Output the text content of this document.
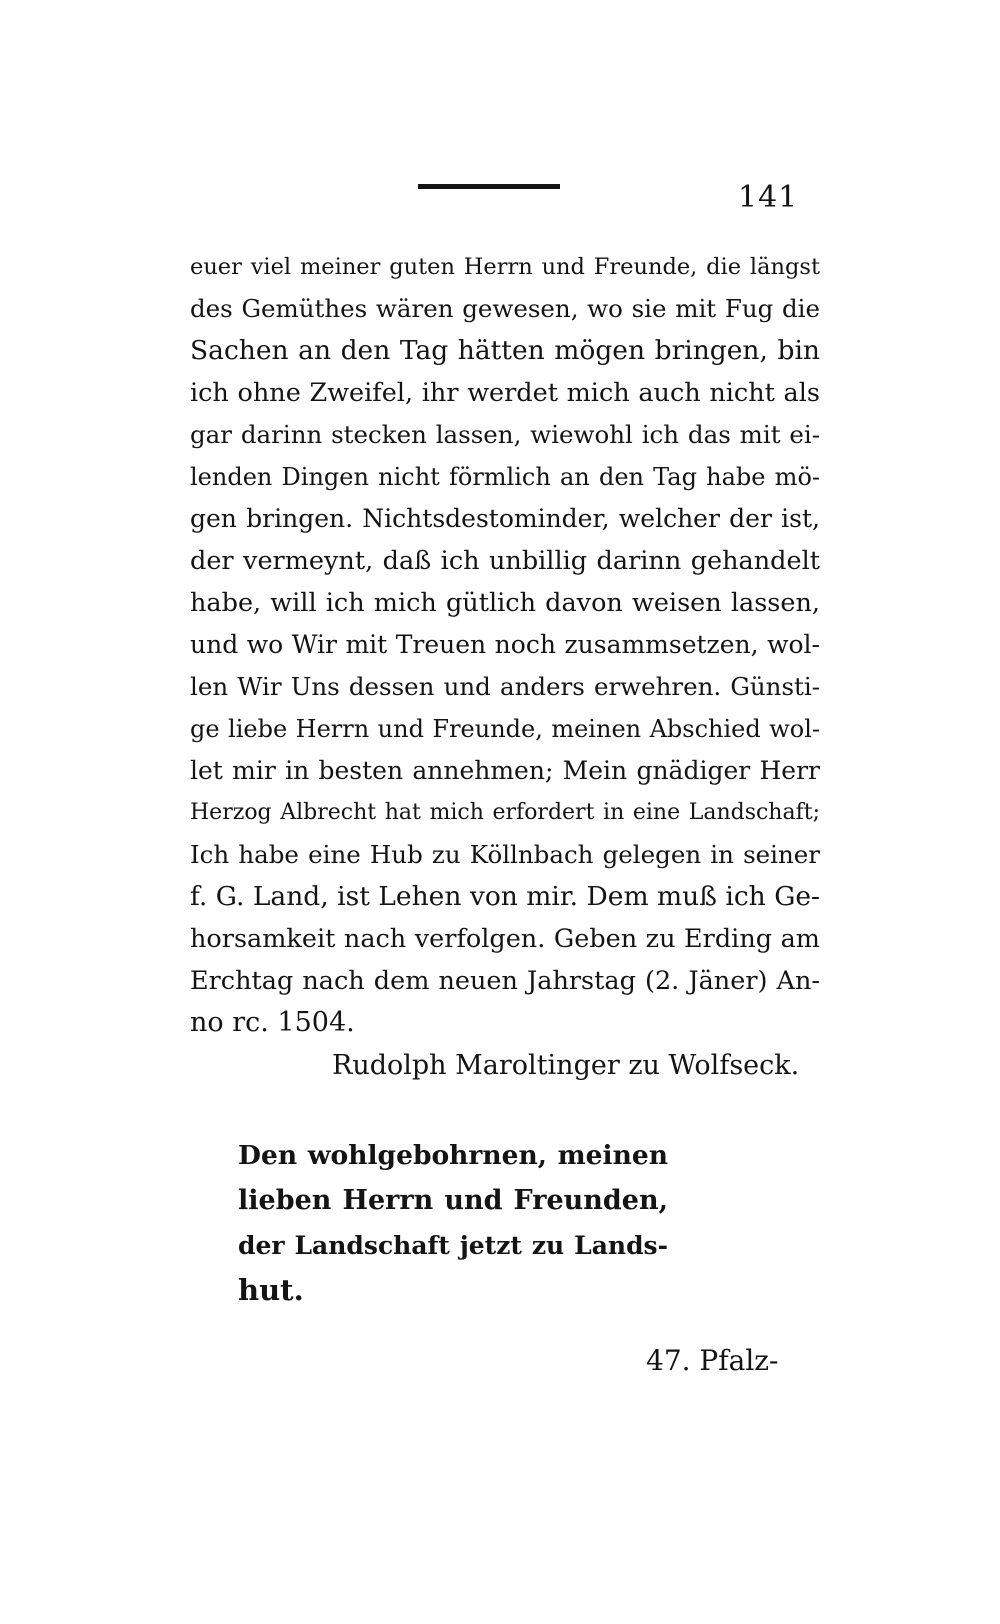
141
euer viel meiner guten Herrn und Freunde, die längst
des Gemüthes wären gewesen, wo sie mit Fug die
Sachen an den Tag hätten mögen bringen, bin
ich ohne Zweifel, ihr werdet mich auch nicht als
gar darinn stecken lassen, wiewohl ich das mit ei-
lenden Dingen nicht förmlich an den Tag habe mö-
gen bringen. Nichtsdestominder, welcher der ist,
der vermeynt, daß ich unbillig darinn gehandelt
habe, will ich mich gütlich davon weisen lassen,
und wo Wir mit Treuen noch zusammsetzen, wol-
len Wir Uns dessen und anders erwehren. Günsti-
ge liebe Herrn und Freunde, meinen Abschied wol-
let mir in besten annehmen; Mein gnädiger Herr
Herzog Albrecht hat mich erfordert in eine Landschaft;
Ich habe eine Hub zu Köllnbach gelegen in seiner
f. G. Land, ist Lehen von mir. Dem muß ich Ge-
horsamkeit nach verfolgen. Geben zu Erding am
Erchtag nach dem neuen Jahrstag (2. Jäner) An-
no rc. 1504.
Rudolph Maroltinger zu Wolfseck.
Den wohlgebohrnen, meinen
lieben Herrn und Freunden,
der Landschaft jetzt zu Lands-
hut.
47. Pfalz-
